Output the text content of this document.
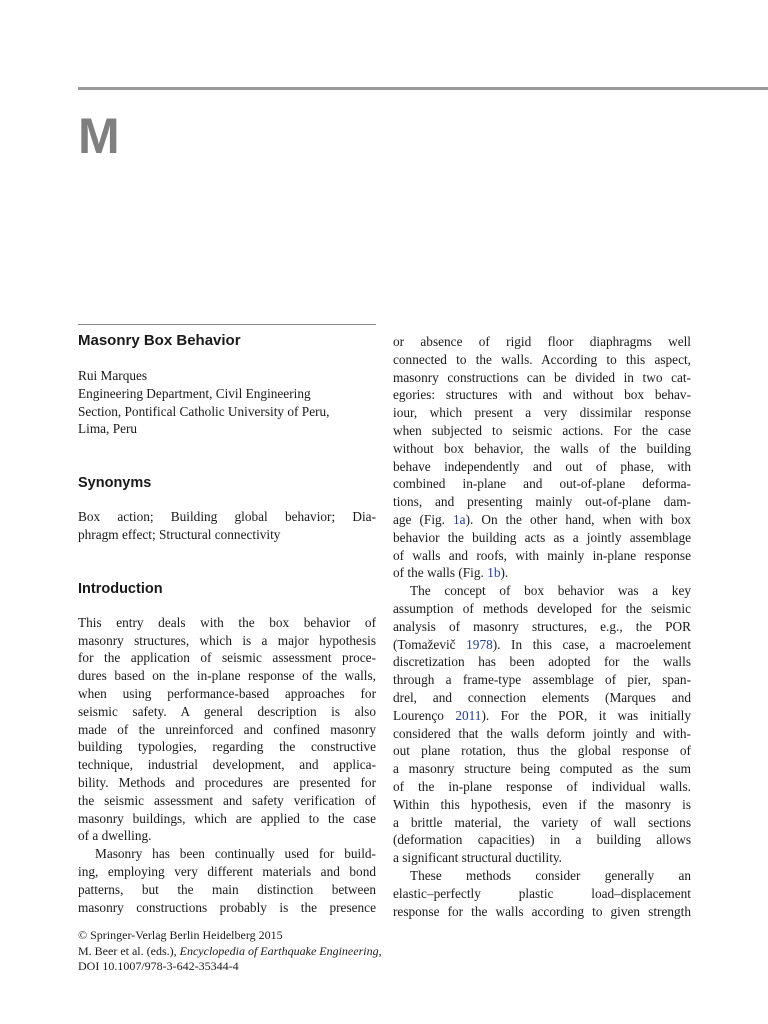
M
Masonry Box Behavior
Rui Marques
Engineering Department, Civil Engineering
Section, Pontifical Catholic University of Peru,
Lima, Peru
Synonyms
Box action; Building global behavior; Dia-
phragm effect; Structural connectivity
Introduction
This entry deals with the box behavior of
masonry structures, which is a major hypothesis
for the application of seismic assessment proce-
dures based on the in-plane response of the walls,
when using performance-based approaches for
seismic safety. A general description is also
made of the unreinforced and confined masonry
building typologies, regarding the constructive
technique, industrial development, and applica-
bility. Methods and procedures are presented for
the seismic assessment and safety verification of
masonry buildings, which are applied to the case
of a dwelling.
Masonry has been continually used for build-
ing, employing very different materials and bond
patterns, but the main distinction between
masonry constructions probably is the presence
or absence of rigid floor diaphragms well
connected to the walls. According to this aspect,
masonry constructions can be divided in two cat-
egories: structures with and without box behav-
iour, which present a very dissimilar response
when subjected to seismic actions. For the case
without box behavior, the walls of the building
behave independently and out of phase, with
combined in-plane and out-of-plane deforma-
tions, and presenting mainly out-of-plane dam-
age (Fig. 1a). On the other hand, when with box
behavior the building acts as a jointly assemblage
of walls and roofs, with mainly in-plane response
of the walls (Fig. 1b).
The concept of box behavior was a key
assumption of methods developed for the seismic
analysis of masonry structures, e.g., the POR
(Tomaževič 1978). In this case, a macroelement
discretization has been adopted for the walls
through a frame-type assemblage of pier, span-
drel, and connection elements (Marques and
Lourenço 2011). For the POR, it was initially
considered that the walls deform jointly and with-
out plane rotation, thus the global response of
a masonry structure being computed as the sum
of the in-plane response of individual walls.
Within this hypothesis, even if the masonry is
a brittle material, the variety of wall sections
(deformation capacities) in a building allows
a significant structural ductility.
These methods consider generally an
elastic–perfectly plastic load–displacement
response for the walls according to given strength
© Springer-Verlag Berlin Heidelberg 2015
M. Beer et al. (eds.), Encyclopedia of Earthquake Engineering,
DOI 10.1007/978-3-642-35344-4
